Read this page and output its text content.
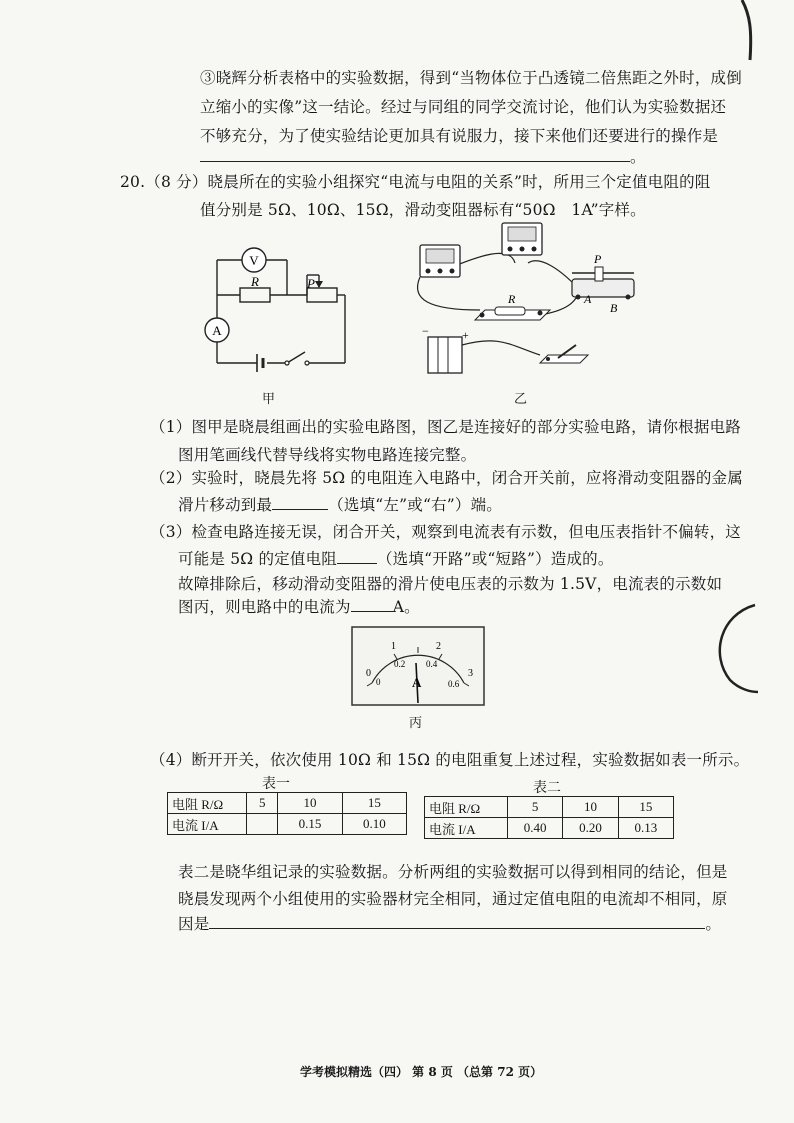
③晓辉分析表格中的实验数据，得到“当物体位于凸透镜二倍焦距之外时，成倒
立缩小的实像”这一结论。经过与同组的同学交流讨论，他们认为实验数据还
不够充分，为了使实验结论更加具有说服力，接下来他们还要进行的操作是
。
20.（8 分）晓晨所在的实验小组探究“电流与电阻的关系”时，所用三个定值电阻的阻
值分别是 5Ω、10Ω、15Ω，滑动变阻器标有“50Ω　1A”字样。
V
A
R	P
甲
R
P
A
B
−	+
乙
（1）图甲是晓晨组画出的实验电路图，图乙是连接好的部分实验电路，请你根据电路
图用笔画线代替导线将实物电路连接完整。
（2）实验时，晓晨先将 5Ω 的电阻连入电路中，闭合开关前，应将滑动变阻器的金属
滑片移动到最	（选填“左”或“右”）端。
（3）检查电路连接无误，闭合开关，观察到电流表有示数，但电压表指针不偏转，这
可能是 5Ω 的定值电阻	（选填“开路”或“短路”）造成的。
故障排除后，移动滑动变阻器的滑片使电压表的示数为 1.5V，电流表的示数如
图丙，则电路中的电流为	A。
0
1	2
3
0
0.2 0.4
0.6
A
丙
（4）断开开关，依次使用 10Ω 和 15Ω 的电阻重复上述过程，实验数据如表一所示。
表一
电阻 R/Ω	5	10	15
电流 I/A		0.15	0.10
表二
电阻 R/Ω	5	10	15
电流 I/A	0.40	0.20	0.13
表二是晓华组记录的实验数据。分析两组的实验数据可以得到相同的结论，但是
晓晨发现两个小组使用的实验器材完全相同，通过定值电阻的电流却不相同，原
因是	。
学考模拟精选（四） 第 8 页 （总第 72 页）
